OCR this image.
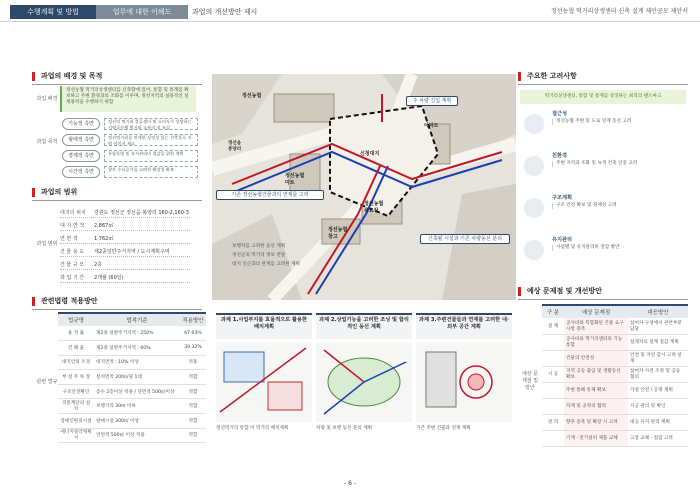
수행계획 및 방법	업무에 대한 이해도	과업의 개선방안 제시	정선농협 먹거리상생센터 신축 설계 제안공모 제안서
과업의 배경 및 목적
과업 배경
정선농협 먹거리상생센터를 신축함에 있어, 통합 및 통계를 확보하고 주변 환경과의 조화를 이루며, 정선지역의 실용적인 설계용역을 수행하기 위함
과업 목적
기능적 측면	정선의 먹거리 물류센터 및 소비자가 상생하는 지역공동체 먹거리 소통의 장 조성
형태적 측면	정선먹거리를 연계한 상징성 있는 건축물로 지역 이미지 제고
경제적 측면	통합운영 및 유지관리비 절감을 위한 계획
시간적 측면	향후 수요증가를 고려한 확장성 확보
과업의 범위
과업 범위
대지의 위치 강원도 정선군 정선읍 봉양리 160-2,160-3
대 지 면 적 2,867㎡
연 면 적	1,762㎡
건 물 용 도 제2종일반주거지역 / 도시계획구역
건 물 규 모 2층
과 업 기 간 2개월 (60일)
관련법령 적용방안
관련 법규
법규명	법적기준	적용방안
용 적 률	제2종 일반주거지역 : 250%	67.03%
건 폐 율	제2종 일반주거지역 : 60%	39.32%
대지안의 조경	대지면적 : 10% 이상	적용
부 설 주 차 장	설치면적 200㎡당 1대	적합
구조안전확인	층수 2층이상 적용 / 연면적 500㎡이상	적합
직통계단의 설치	보행거리 30m 이하	적합
장애인편의시설	판매시설 300㎡ 이상	적합
에너지절약계획서	연면적 500㎡ 이상 적용	적합
정선농협
정선농협 마트
신청대지
정선농협 육묘장
정선농협 창고
정선읍 봉양리
아파트
주 차량 진입 계획
기존 정선농협건물과의 연계를 고려
신축될 시설과 기존 차량동선 분리
보행자를 고려한 동선 계획
정선군의 먹거리 정보 전달
대지 인근과의 관계를 고려한 계획
과제 1.사업부지를 효율적으로 활용한 배치계획
정선먹거리 통합 이 먹거리 배치계획
과제 2.상업기능을 고려한 조닝 및 합리적인 동선 계획
차량 및 보행 동선 분리 계획
과제 3.주변건물들과 연계를 고려한 내·외부 공간 계획
기존 주변 건물과 연계 계획
주요한 고려사항
먹거리상생센터, 통합 및 통계를 상징하는 최적의 랜드마크
접근성
정선농협 주변 및 도로 연계 동선 고려
친환경
주변 지역과 조화 및 녹색 건축 인증 고려
구조계획
구조 안전 확보 및 경제성 고려
유지관리
시설별 및 유지관리비 절감 방안
예상 문제점 및 개선방안
예상 문제점 및 방안
구 분	예상 문제점	대응방안
설 계	공사비와 복합화된 건물 요구사항 충족	참여자 구성에서 관련부분 담당
	공사비와 먹거리센터의 기능 통합	설계자의 설계 절감 계획
	건물의 안전성	안전 및 자연 감시 고려 설계
시 공	지역 공동 출입 및 생활동선 확보	참여자 사전 조정 및 공동 협의
	주변 통해 통제 확보	가설 안전 / 공정 계획
	자재 및 공정의 협력	시공 관리 및 확인
관 리	향후 증축 및 확장 시 고려	대응 유지 관리 계획
	기계 · 전기설비 제품 교체	고장 교체 · 점검 고려
- 6 -
